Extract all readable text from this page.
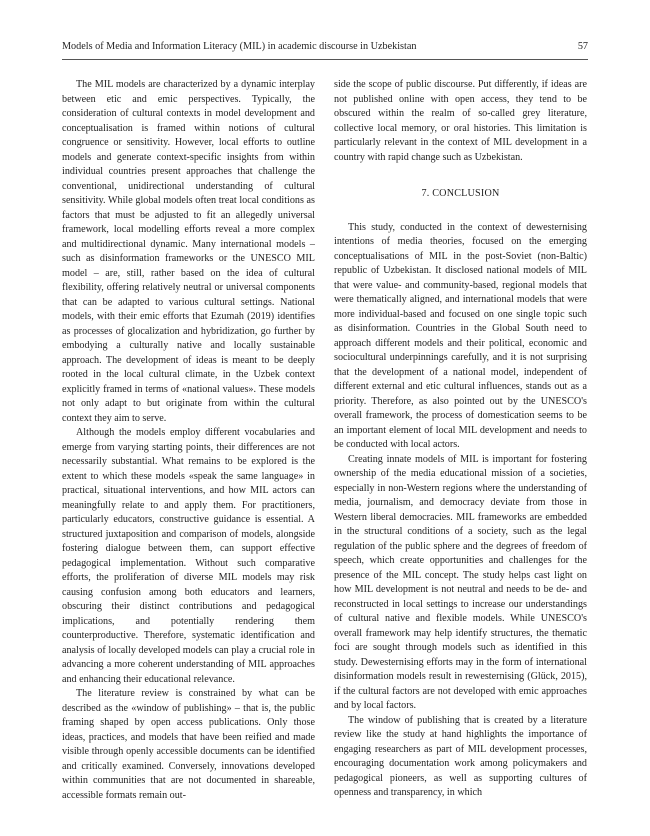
Models of Media and Information Literacy (MIL) in academic discourse in Uzbekistan	57

The MIL models are characterized by a dynamic interplay between etic and emic perspectives. Typically, the consideration of cultural contexts in model development and conceptualisation is framed within notions of cultural congruence or sensitivity. However, local efforts to outline models and generate context-specific insights from within individual countries present approaches that challenge the conventional, unidirectional understanding of cultural sensitivity. While global models often treat local conditions as factors that must be adjusted to fit an allegedly universal framework, local modelling efforts reveal a more complex and multidirectional dynamic. Many international models – such as disinformation frameworks or the UNESCO MIL model – are, still, rather based on the idea of cultural flexibility, offering relatively neutral or universal components that can be adapted to various cultural settings. National models, with their emic efforts that Ezumah (2019) identifies as processes of glocalization and hybridization, go further by embodying a culturally native and locally sustainable approach. The development of ideas is meant to be deeply rooted in the local cultural climate, in the Uzbek context explicitly framed in terms of «national values». These models not only adapt to but originate from within the cultural context they aim to serve.

Although the models employ different vocabularies and emerge from varying starting points, their differences are not necessarily substantial. What remains to be explored is the extent to which these models «speak the same language» in practical, situational interventions, and how MIL actors can meaningfully relate to and apply them. For practitioners, particularly educators, constructive guidance is essential. A structured juxtaposition and comparison of models, alongside fostering dialogue between them, can support effective pedagogical implementation. Without such comparative efforts, the proliferation of diverse MIL models may risk causing confusion among both educators and learners, obscuring their distinct contributions and pedagogical implications, and potentially rendering them counterproductive. Therefore, systematic identification and analysis of locally developed models can play a crucial role in advancing a more coherent understanding of MIL approaches and enhancing their educational relevance.

The literature review is constrained by what can be described as the «window of publishing» – that is, the public framing shaped by open access publications. Only those ideas, practices, and models that have been reified and made visible through openly accessible documents can be identified and critically examined. Conversely, innovations developed within communities that are not documented in shareable, accessible formats remain out-

side the scope of public discourse. Put differently, if ideas are not published online with open access, they tend to be obscured within the realm of so-called grey literature, collective local memory, or oral histories. This limitation is particularly relevant in the context of MIL development in a country with rapid change such as Uzbekistan.

7. CONCLUSION

This study, conducted in the context of dewesternising intentions of media theories, focused on the emerging conceptualisations of MIL in the post-Soviet (non-Baltic) republic of Uzbekistan. It disclosed national models of MIL that were value- and community-based, regional models that were thematically aligned, and international models that were more individual-based and focused on one single topic such as disinformation. Countries in the Global South need to approach different models and their political, economic and sociocultural underpinnings carefully, and it is not surprising that the development of a national model, independent of different external and etic cultural influences, stands out as a priority. Therefore, as also pointed out by the UNESCO's overall framework, the process of domestication seems to be an important element of local MIL development and needs to be conducted with local actors.

Creating innate models of MIL is important for fostering ownership of the media educational mission of a societies, especially in non-Western regions where the understanding of media, journalism, and democracy deviate from those in Western liberal democracies. MIL frameworks are embedded in the structural conditions of a society, such as the legal regulation of the public sphere and the degrees of freedom of speech, which create opportunities and challenges for the presence of the MIL concept. The study helps cast light on how MIL development is not neutral and needs to be de- and reconstructed in local settings to increase our understandings of cultural native and flexible models. While UNESCO's overall framework may help identify structures, the thematic foci are sought through models such as identified in this study. Dewesternising efforts may in the form of international disinformation models result in rewesternising (Glück, 2015), if the cultural factors are not developed with emic approaches and by local factors.

The window of publishing that is created by a literature review like the study at hand highlights the importance of engaging researchers as part of MIL development processes, encouraging documentation work among policymakers and pedagogical pioneers, as well as supporting cultures of openness and transparency, in which
